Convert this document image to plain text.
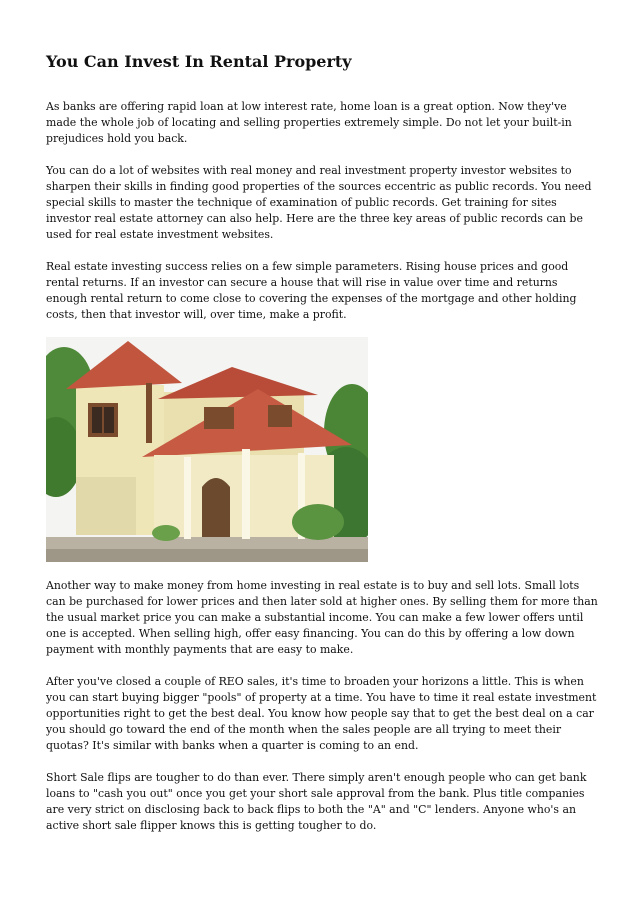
You Can Invest In Rental Property

As banks are offering rapid loan at low interest rate, home loan is a great option. Now they've made the whole job of locating and selling properties extremely simple. Do not let your built-in prejudices hold you back.

You can do a lot of websites with real money and real investment property investor websites to sharpen their skills in finding good properties of the sources eccentric as public records. You need special skills to master the technique of examination of public records. Get training for sites investor real estate attorney can also help. Here are the three key areas of public records can be used for real estate investment websites.

Real estate investing success relies on a few simple parameters. Rising house prices and good rental returns. If an investor can secure a house that will rise in value over time and returns enough rental return to come close to covering the expenses of the mortgage and other holding costs, then that investor will, over time, make a profit.

Another way to make money from home investing in real estate is to buy and sell lots. Small lots can be purchased for lower prices and then later sold at higher ones. By selling them for more than the usual market price you can make a substantial income. You can make a few lower offers until one is accepted. When selling high, offer easy financing. You can do this by offering a low down payment with monthly payments that are easy to make.

After you've closed a couple of REO sales, it's time to broaden your horizons a little. This is when you can start buying bigger "pools" of property at a time. You have to time it real estate investment opportunities right to get the best deal. You know how people say that to get the best deal on a car you should go toward the end of the month when the sales people are all trying to meet their quotas? It's similar with banks when a quarter is coming to an end.

Short Sale flips are tougher to do than ever. There simply aren't enough people who can get bank loans to "cash you out" once you get your short sale approval from the bank. Plus title companies are very strict on disclosing back to back flips to both the "A" and "C" lenders. Anyone who's an active short sale flipper knows this is getting tougher to do.
